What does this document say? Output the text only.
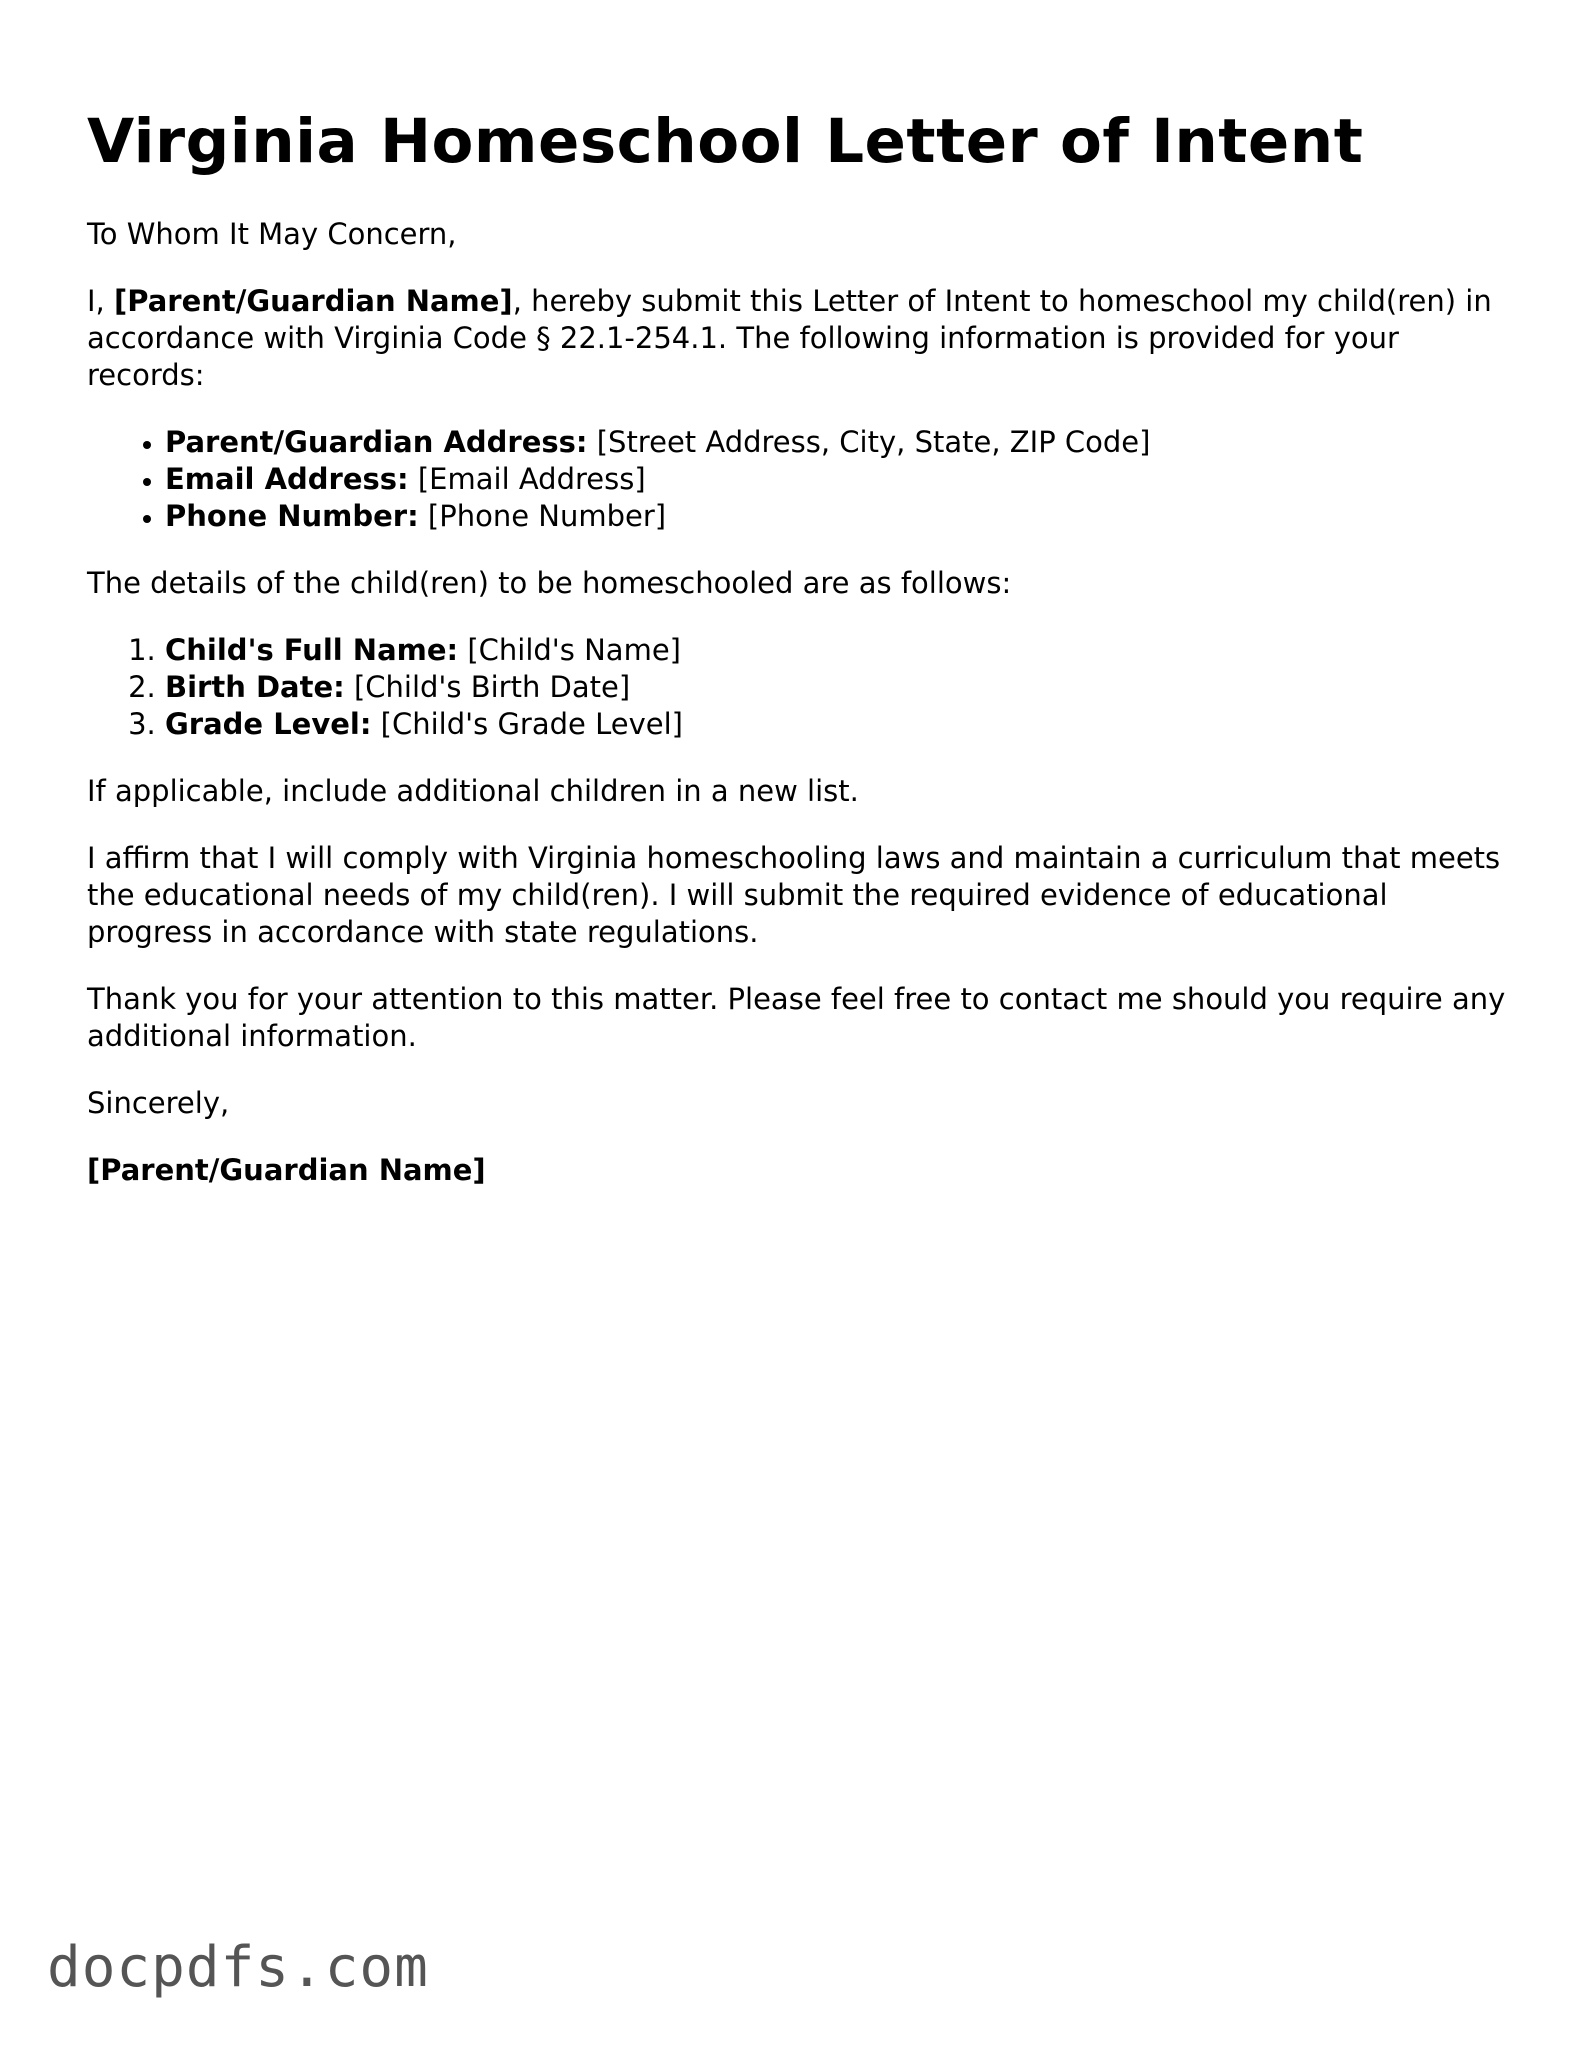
Virginia Homeschool Letter of Intent

To Whom It May Concern,

I, [Parent/Guardian Name], hereby submit this Letter of Intent to homeschool my child(ren) in accordance with Virginia Code § 22.1-254.1. The following information is provided for your records:

• Parent/Guardian Address: [Street Address, City, State, ZIP Code]
• Email Address: [Email Address]
• Phone Number: [Phone Number]

The details of the child(ren) to be homeschooled are as follows:

1. Child's Full Name: [Child's Name]
2. Birth Date: [Child's Birth Date]
3. Grade Level: [Child's Grade Level]

If applicable, include additional children in a new list.

I affirm that I will comply with Virginia homeschooling laws and maintain a curriculum that meets the educational needs of my child(ren). I will submit the required evidence of educational progress in accordance with state regulations.

Thank you for your attention to this matter. Please feel free to contact me should you require any additional information.

Sincerely,

[Parent/Guardian Name]

docpdfs.com
